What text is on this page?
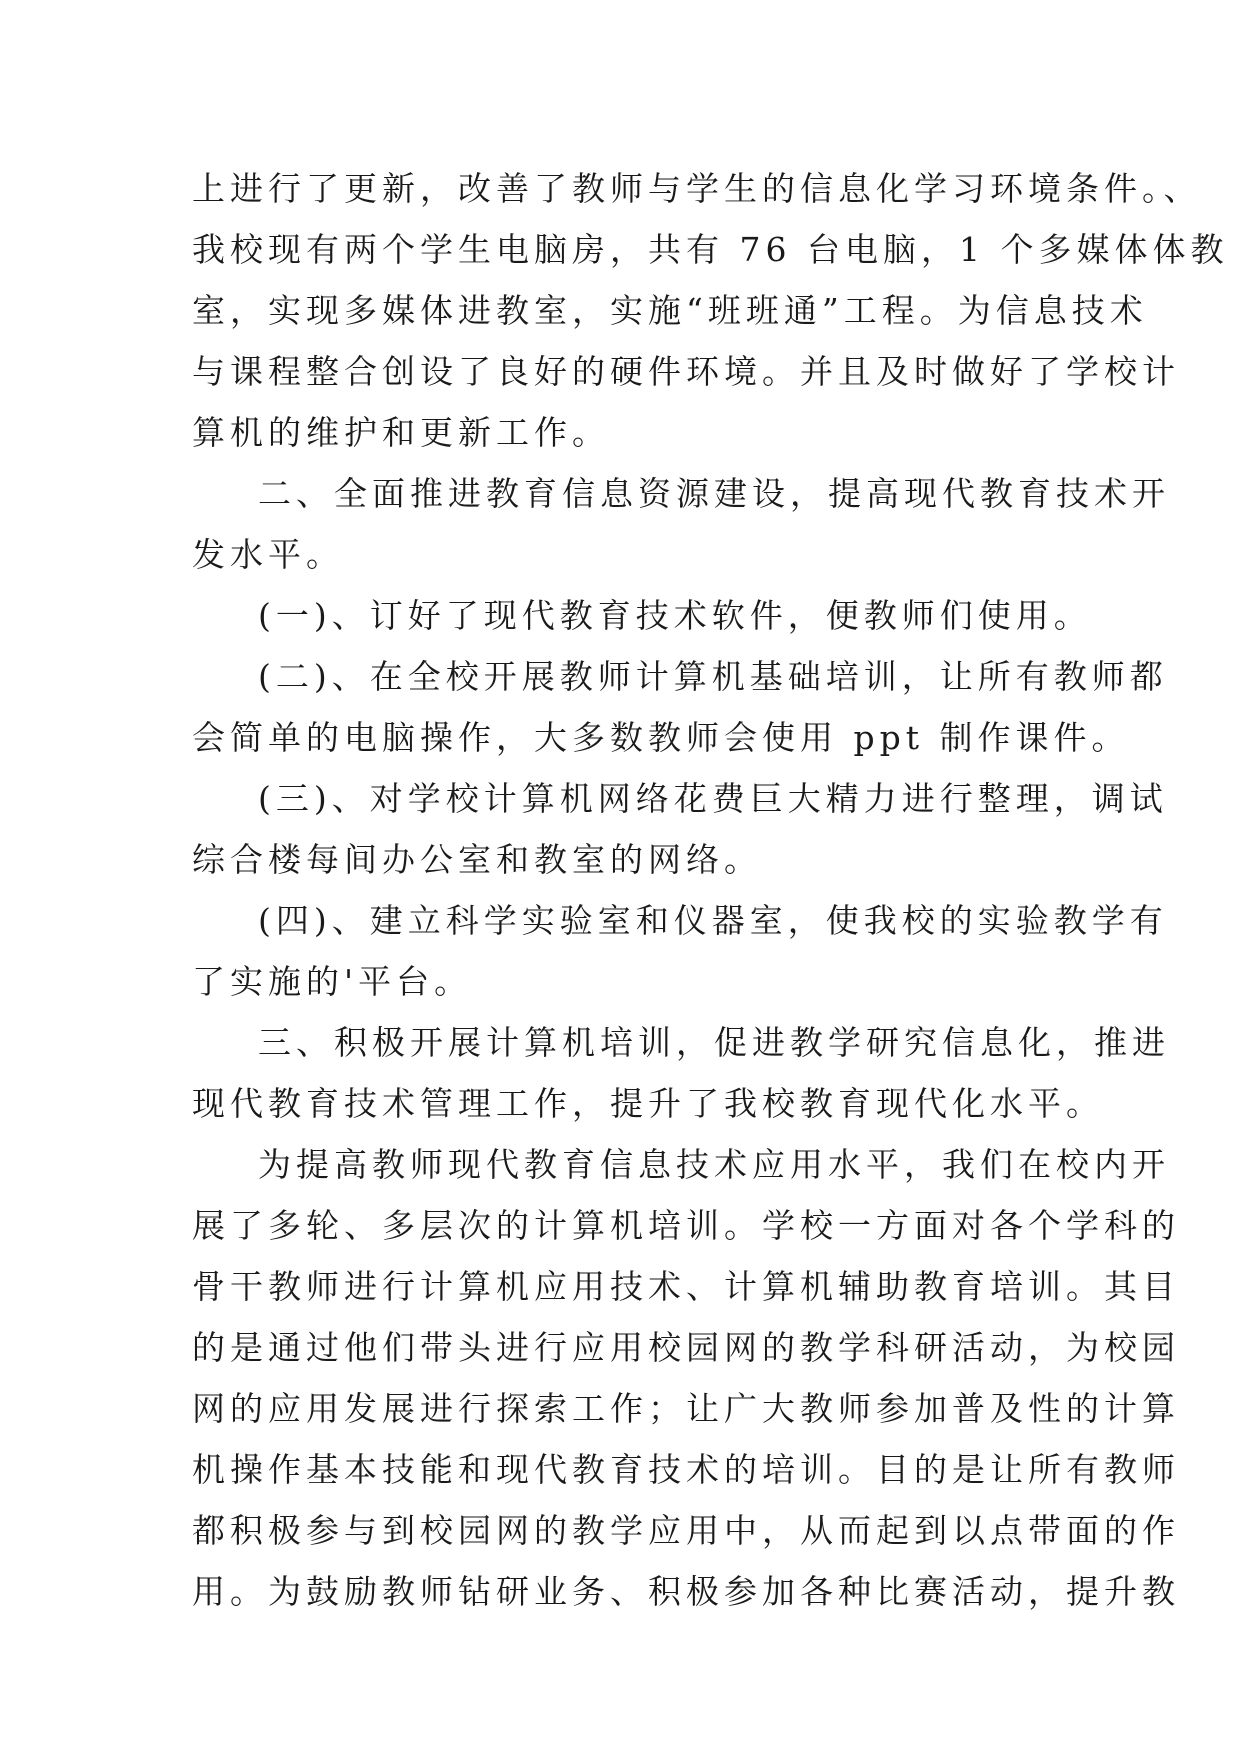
上进行了更新，改善了教师与学生的信息化学习环境条件。、
我校现有两个学生电脑房，共有 76 台电脑，1 个多媒体体教
室，实现多媒体进教室，实施“班班通”工程。为信息技术
与课程整合创设了良好的硬件环境。并且及时做好了学校计
算机的维护和更新工作。

二、全面推进教育信息资源建设，提高现代教育技术开
发水平。

(一)、订好了现代教育技术软件，便教师们使用。

(二)、在全校开展教师计算机基础培训，让所有教师都
会简单的电脑操作，大多数教师会使用 ppt 制作课件。

(三)、对学校计算机网络花费巨大精力进行整理，调试
综合楼每间办公室和教室的网络。

(四)、建立科学实验室和仪器室，使我校的实验教学有
了实施的'平台。

三、积极开展计算机培训，促进教学研究信息化，推进
现代教育技术管理工作，提升了我校教育现代化水平。

为提高教师现代教育信息技术应用水平，我们在校内开
展了多轮、多层次的计算机培训。学校一方面对各个学科的
骨干教师进行计算机应用技术、计算机辅助教育培训。其目
的是通过他们带头进行应用校园网的教学科研活动，为校园
网的应用发展进行探索工作；让广大教师参加普及性的计算
机操作基本技能和现代教育技术的培训。目的是让所有教师
都积极参与到校园网的教学应用中，从而起到以点带面的作
用。为鼓励教师钻研业务、积极参加各种比赛活动，提升教
